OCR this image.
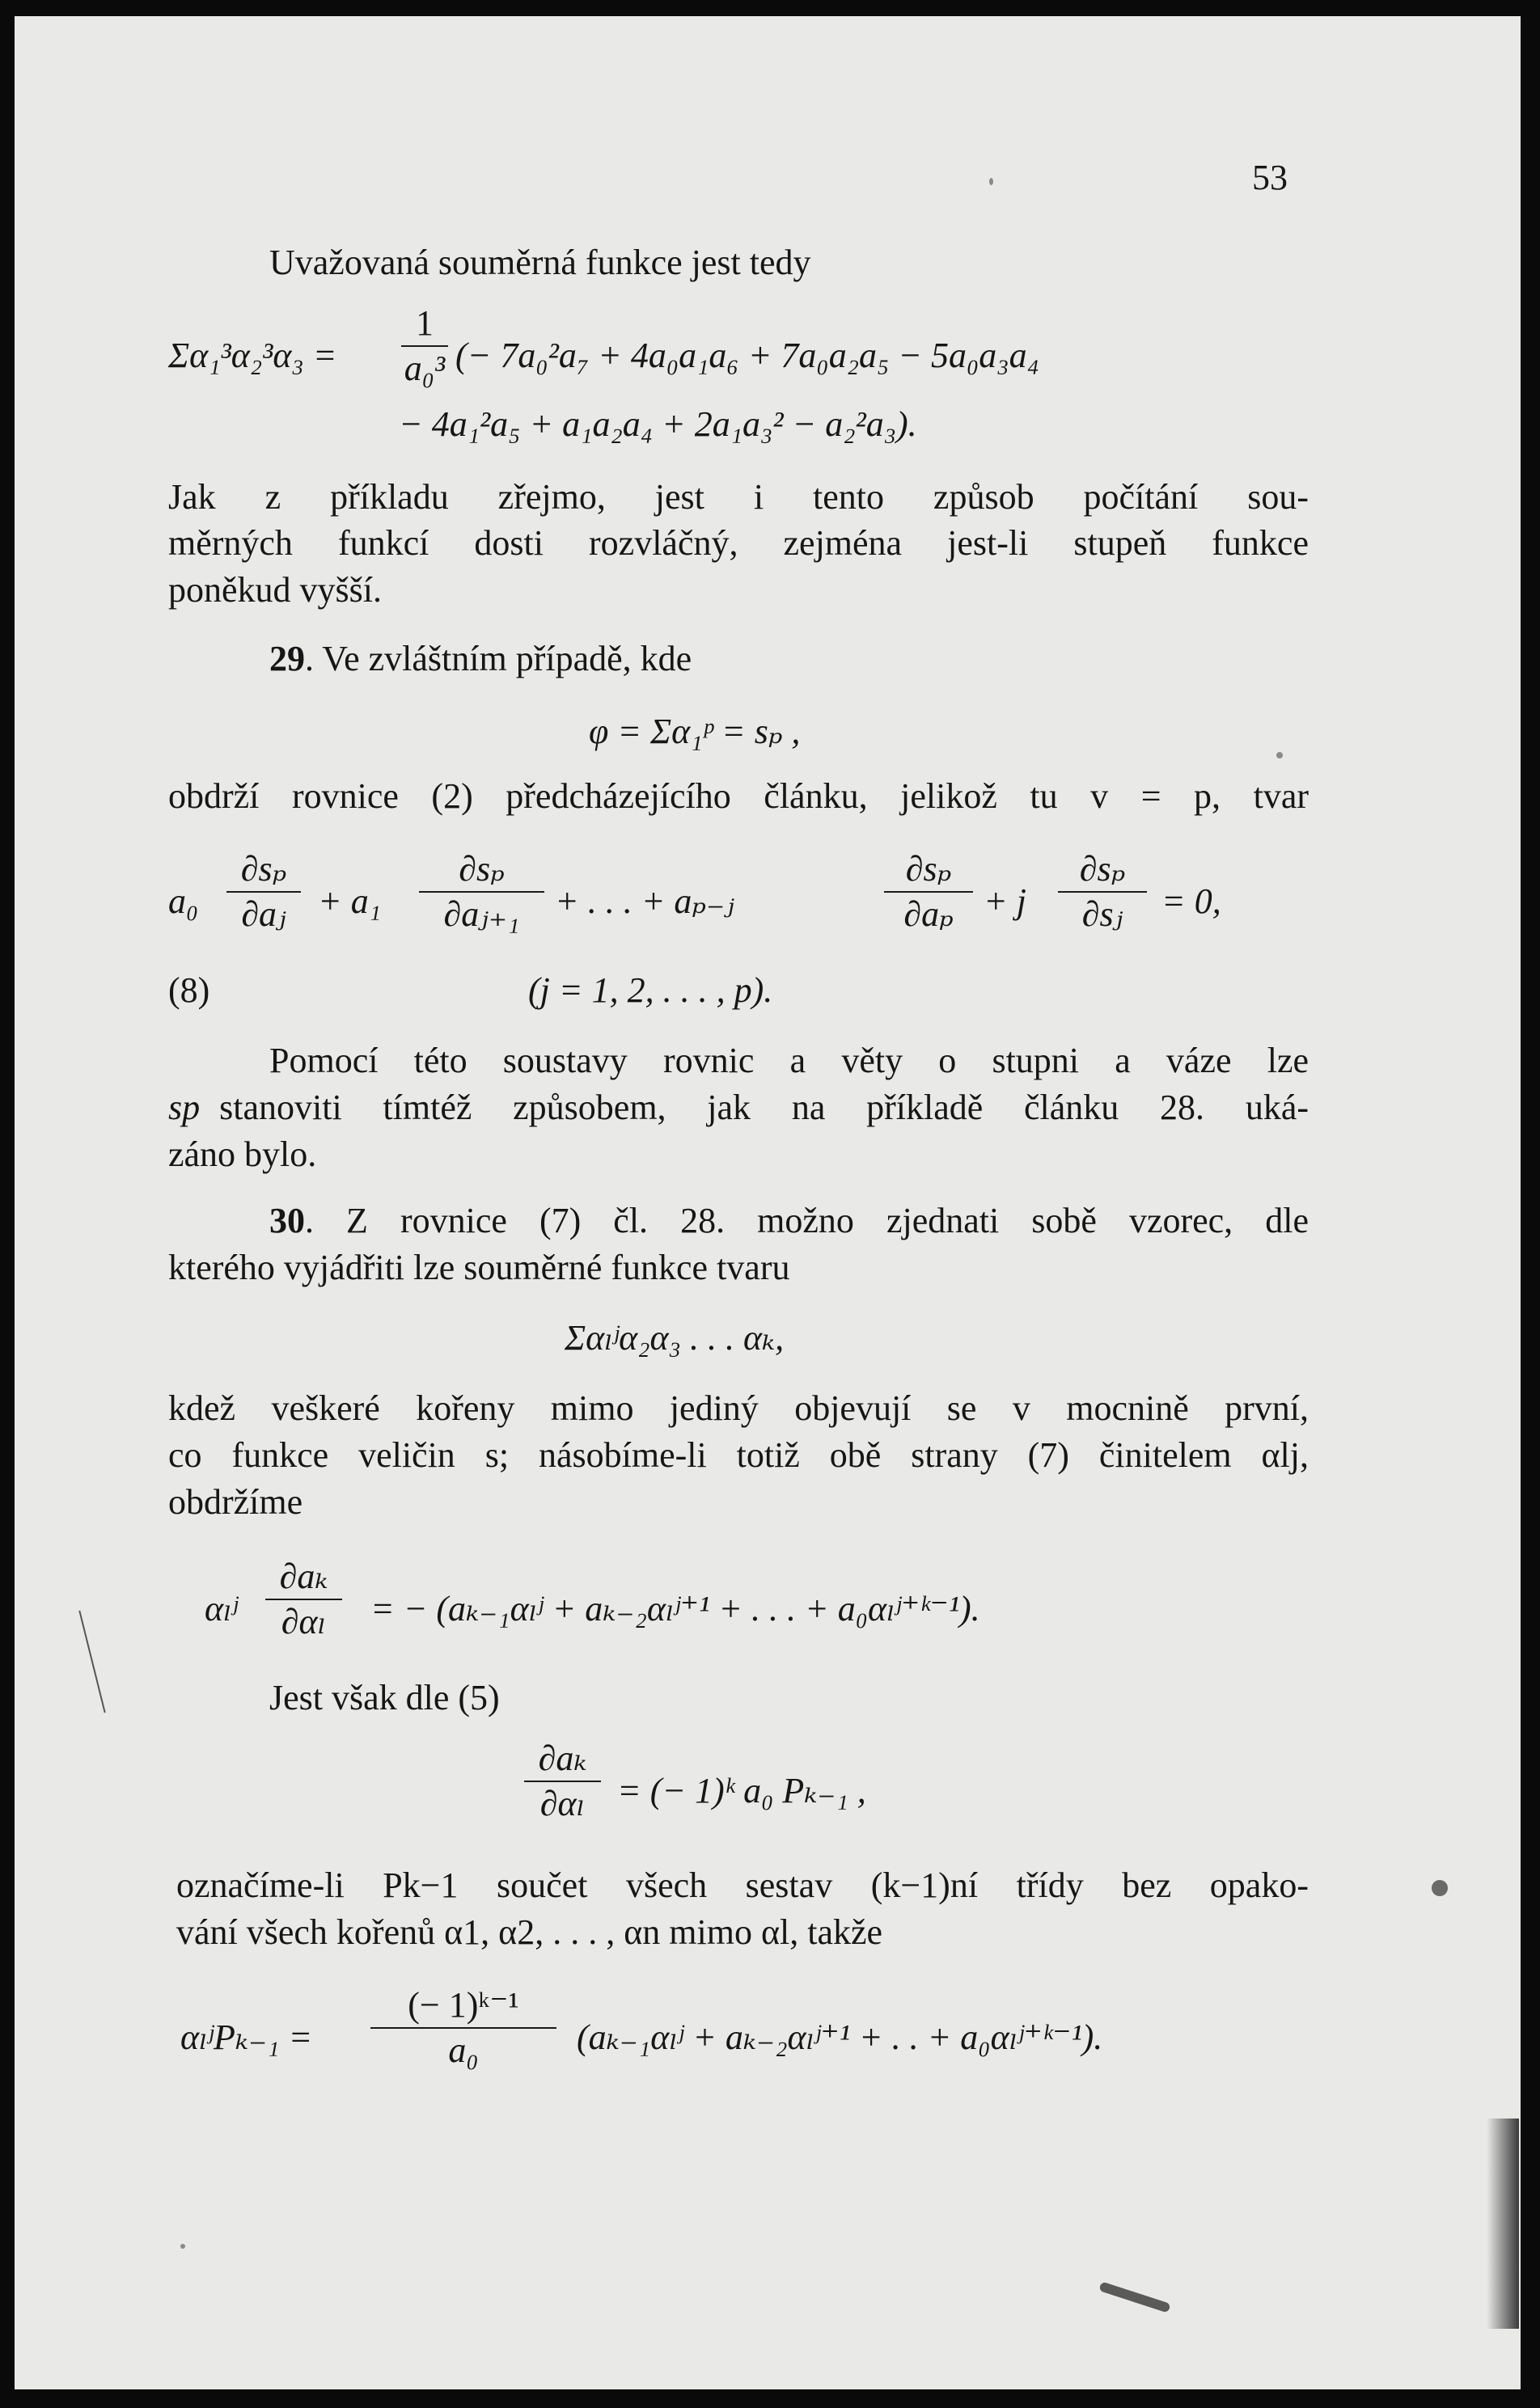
53
Uvažovaná souměrná funkce jest tedy
Σα₁³α₂³α₃ =
1
a₀³ (− 7a₀²a₇ + 4a₀a₁a₆ + 7a₀a₂a₅ − 5a₀a₃a₄
− 4a₁²a₅ + a₁a₂a₄ + 2a₁a₃² − a₂²a₃).
Jak z příkladu zřejmo, jest i tento způsob počítání sou-
měrných funkcí dosti rozvláčný, zejména jest-li stupeň funkce
poněkud vyšší.
29. Ve zvláštním případě, kde
φ = Σα₁ᵖ = sₚ ,
obdrží rovnice (2) předcházejícího článku, jelikož tu v = p, tvar
a₀
∂sₚ
∂aⱼ + a₁
∂sₚ
∂aⱼ₊₁ + . . . + aₚ₋ⱼ
∂sₚ
∂aₚ + j
∂sₚ
∂sⱼ	= 0,
(8)	(j = 1, 2, . . . , p).
Pomocí této soustavy rovnic a věty o stupni a váze lze
sp stanoviti tímtéž způsobem, jak na příkladě článku 28. uká-
záno bylo.
30. Z rovnice (7) čl. 28. možno zjednati sobě vzorec, dle
kterého vyjádřiti lze souměrné funkce tvaru
Σαₗʲα₂α₃ . . . αₖ,
kdež veškeré kořeny mimo jediný objevují se v mocnině první,
co funkce veličin s; násobíme-li totiž obě strany (7) činitelem αlj,
obdržíme
αₗʲ
∂aₖ
∂αₗ	= − (aₖ₋₁αₗʲ + aₖ₋₂αₗʲ⁺¹ + . . . + a₀αₗʲ⁺ᵏ⁻¹).
Jest však dle (5)
∂aₖ
∂αₗ = (− 1)ᵏ a₀ Pₖ₋₁ ,
označíme-li Pk−1 součet všech sestav (k−1)ní třídy bez opako-
vání všech kořenů α1, α2, . . . , αn mimo αl, takže
αₗʲPₖ₋₁ =
(− 1)ᵏ⁻¹
a₀	(aₖ₋₁αₗʲ + aₖ₋₂αₗʲ⁺¹ + . . + a₀αₗʲ⁺ᵏ⁻¹).
